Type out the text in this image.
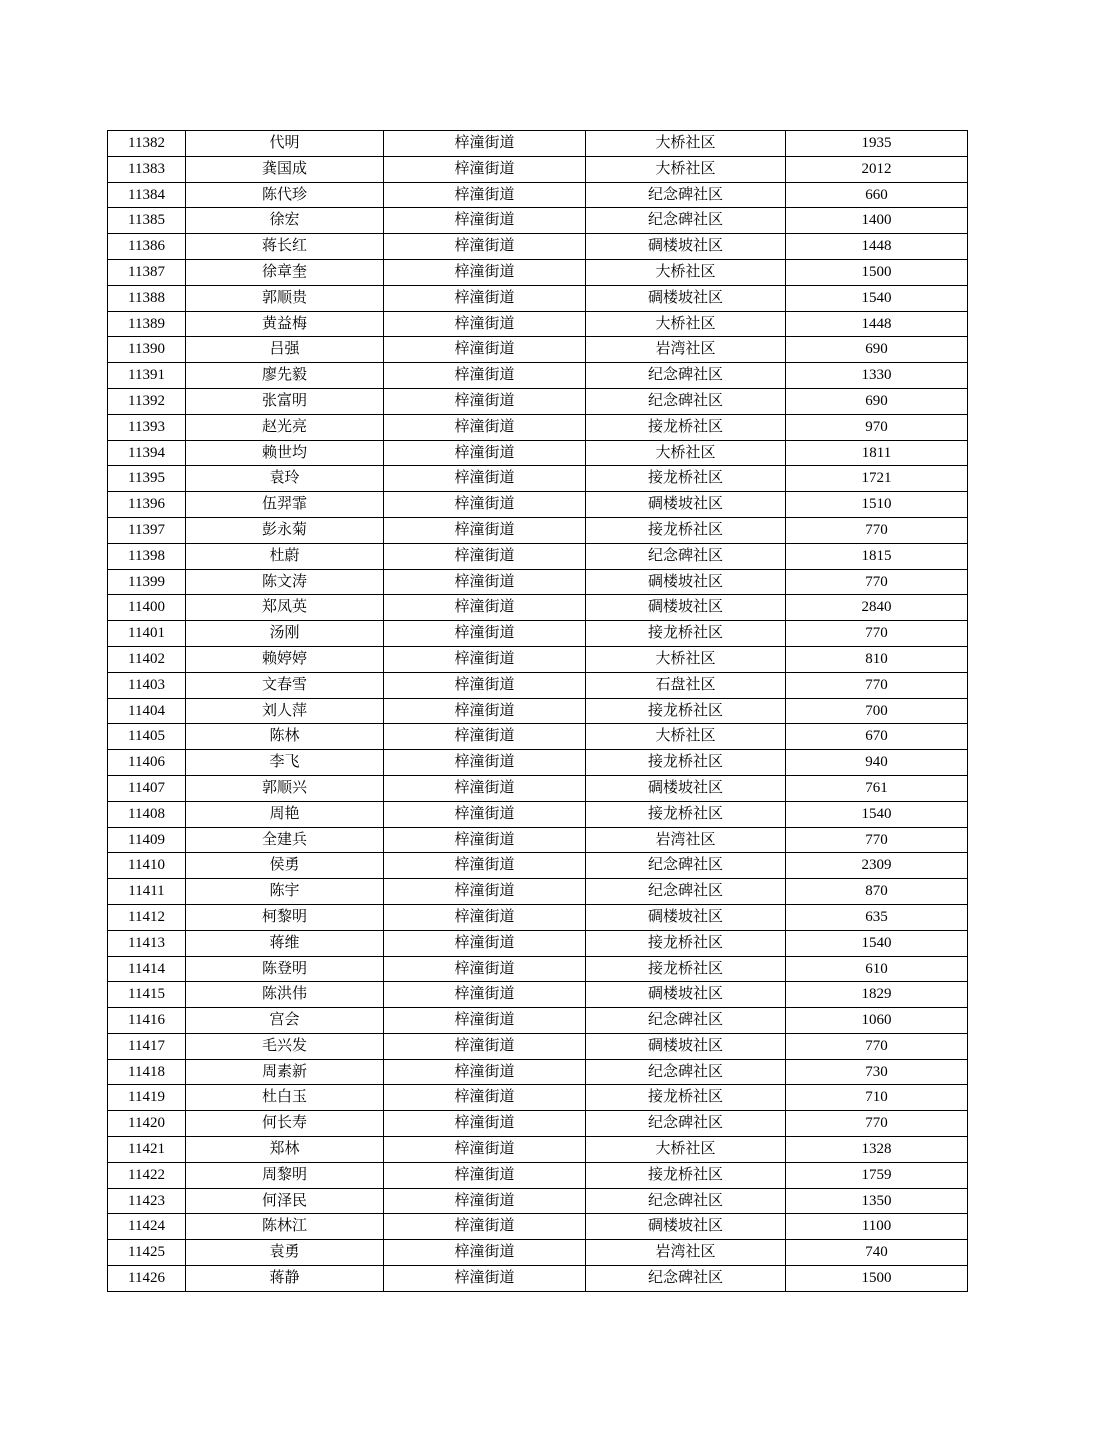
11382	代明	梓潼街道	大桥社区	1935
11383	龚国成	梓潼街道	大桥社区	2012
11384	陈代珍	梓潼街道	纪念碑社区	660
11385	徐宏	梓潼街道	纪念碑社区	1400
11386	蒋长红	梓潼街道	碉楼坡社区	1448
11387	徐章奎	梓潼街道	大桥社区	1500
11388	郭顺贵	梓潼街道	碉楼坡社区	1540
11389	黄益梅	梓潼街道	大桥社区	1448
11390	吕强	梓潼街道	岩湾社区	690
11391	廖先毅	梓潼街道	纪念碑社区	1330
11392	张富明	梓潼街道	纪念碑社区	690
11393	赵光亮	梓潼街道	接龙桥社区	970
11394	赖世均	梓潼街道	大桥社区	1811
11395	袁玲	梓潼街道	接龙桥社区	1721
11396	伍羿霏	梓潼街道	碉楼坡社区	1510
11397	彭永菊	梓潼街道	接龙桥社区	770
11398	杜蔚	梓潼街道	纪念碑社区	1815
11399	陈文涛	梓潼街道	碉楼坡社区	770
11400	郑凤英	梓潼街道	碉楼坡社区	2840
11401	汤刚	梓潼街道	接龙桥社区	770
11402	赖婷婷	梓潼街道	大桥社区	810
11403	文春雪	梓潼街道	石盘社区	770
11404	刘人萍	梓潼街道	接龙桥社区	700
11405	陈林	梓潼街道	大桥社区	670
11406	李飞	梓潼街道	接龙桥社区	940
11407	郭顺兴	梓潼街道	碉楼坡社区	761
11408	周艳	梓潼街道	接龙桥社区	1540
11409	全建兵	梓潼街道	岩湾社区	770
11410	侯勇	梓潼街道	纪念碑社区	2309
11411	陈宇	梓潼街道	纪念碑社区	870
11412	柯黎明	梓潼街道	碉楼坡社区	635
11413	蒋维	梓潼街道	接龙桥社区	1540
11414	陈登明	梓潼街道	接龙桥社区	610
11415	陈洪伟	梓潼街道	碉楼坡社区	1829
11416	宫会	梓潼街道	纪念碑社区	1060
11417	毛兴发	梓潼街道	碉楼坡社区	770
11418	周素新	梓潼街道	纪念碑社区	730
11419	杜白玉	梓潼街道	接龙桥社区	710
11420	何长寿	梓潼街道	纪念碑社区	770
11421	郑林	梓潼街道	大桥社区	1328
11422	周黎明	梓潼街道	接龙桥社区	1759
11423	何泽民	梓潼街道	纪念碑社区	1350
11424	陈林江	梓潼街道	碉楼坡社区	1100
11425	袁勇	梓潼街道	岩湾社区	740
11426	蒋静	梓潼街道	纪念碑社区	1500
